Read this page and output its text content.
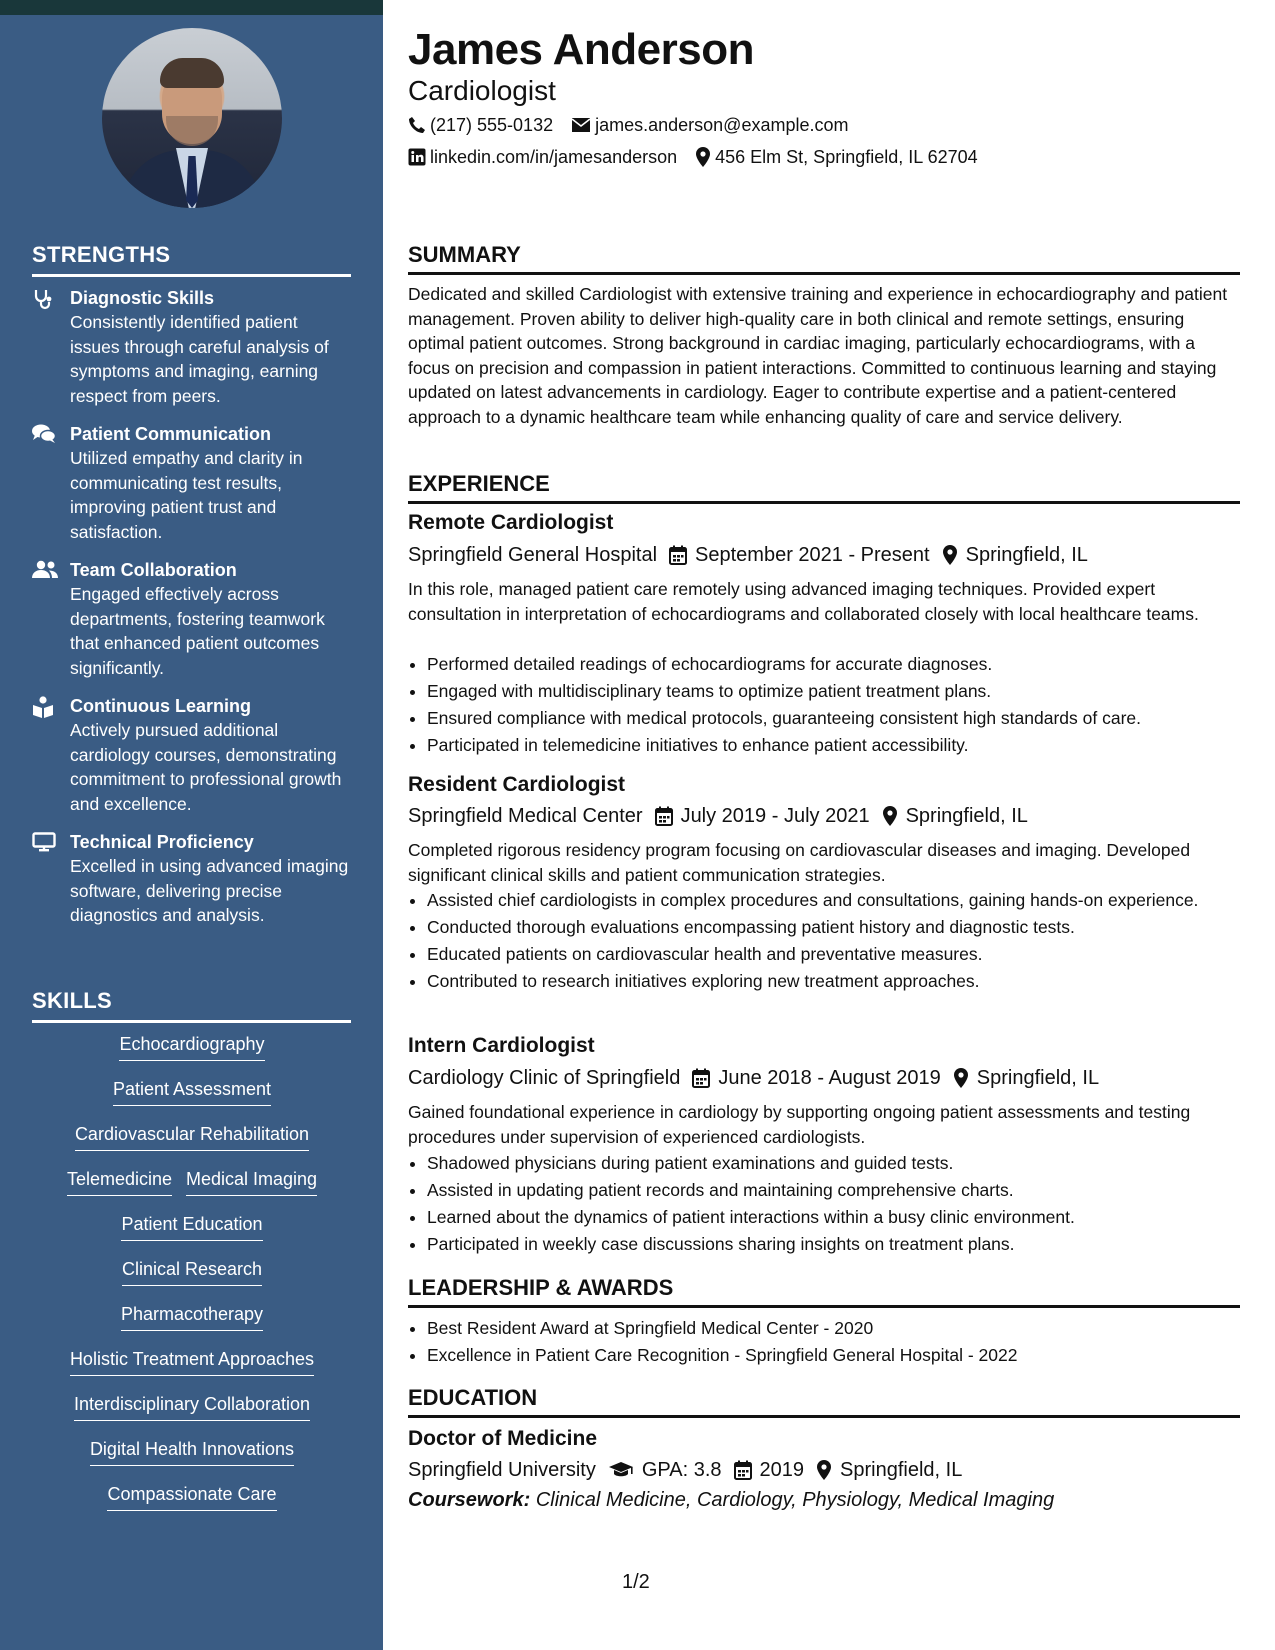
STRENGTHS
Diagnostic Skills
Consistently identified patient issues through careful analysis of symptoms and imaging, earning respect from peers.
Patient Communication
Utilized empathy and clarity in communicating test results, improving patient trust and satisfaction.
Team Collaboration
Engaged effectively across departments, fostering teamwork that enhanced patient outcomes significantly.
Continuous Learning
Actively pursued additional cardiology courses, demonstrating commitment to professional growth and excellence.
Technical Proficiency
Excelled in using advanced imaging software, delivering precise diagnostics and analysis.
SKILLS
Echocardiography
Patient Assessment
Cardiovascular Rehabilitation
Telemedicine Medical Imaging
Patient Education
Clinical Research
Pharmacotherapy
Holistic Treatment Approaches
Interdisciplinary Collaboration
Digital Health Innovations
Compassionate Care
James Anderson
Cardiologist
(217) 555-0132 james.anderson@example.com
linkedin.com/in/jamesanderson 456 Elm St, Springfield, IL 62704
SUMMARY
Dedicated and skilled Cardiologist with extensive training and experience in echocardiography and patient management. Proven ability to deliver high-quality care in both clinical and remote settings, ensuring optimal patient outcomes. Strong background in cardiac imaging, particularly echocardiograms, with a focus on precision and compassion in patient interactions. Committed to continuous learning and staying updated on latest advancements in cardiology. Eager to contribute expertise and a patient-centered approach to a dynamic healthcare team while enhancing quality of care and service delivery.
EXPERIENCE
Remote Cardiologist
Springfield General Hospital September 2021 - Present Springfield, IL
In this role, managed patient care remotely using advanced imaging techniques. Provided expert consultation in interpretation of echocardiograms and collaborated closely with local healthcare teams.
• Performed detailed readings of echocardiograms for accurate diagnoses.
• Engaged with multidisciplinary teams to optimize patient treatment plans.
• Ensured compliance with medical protocols, guaranteeing consistent high standards of care.
• Participated in telemedicine initiatives to enhance patient accessibility.
Resident Cardiologist
Springfield Medical Center July 2019 - July 2021 Springfield, IL
Completed rigorous residency program focusing on cardiovascular diseases and imaging. Developed significant clinical skills and patient communication strategies.
• Assisted chief cardiologists in complex procedures and consultations, gaining hands-on experience.
• Conducted thorough evaluations encompassing patient history and diagnostic tests.
• Educated patients on cardiovascular health and preventative measures.
• Contributed to research initiatives exploring new treatment approaches.
Intern Cardiologist
Cardiology Clinic of Springfield June 2018 - August 2019 Springfield, IL
Gained foundational experience in cardiology by supporting ongoing patient assessments and testing procedures under supervision of experienced cardiologists.
• Shadowed physicians during patient examinations and guided tests.
• Assisted in updating patient records and maintaining comprehensive charts.
• Learned about the dynamics of patient interactions within a busy clinic environment.
• Participated in weekly case discussions sharing insights on treatment plans.
LEADERSHIP & AWARDS
• Best Resident Award at Springfield Medical Center - 2020
• Excellence in Patient Care Recognition - Springfield General Hospital - 2022
EDUCATION
Doctor of Medicine
Springfield University GPA: 3.8 2019 Springfield, IL
Coursework: Clinical Medicine, Cardiology, Physiology, Medical Imaging
1/2
